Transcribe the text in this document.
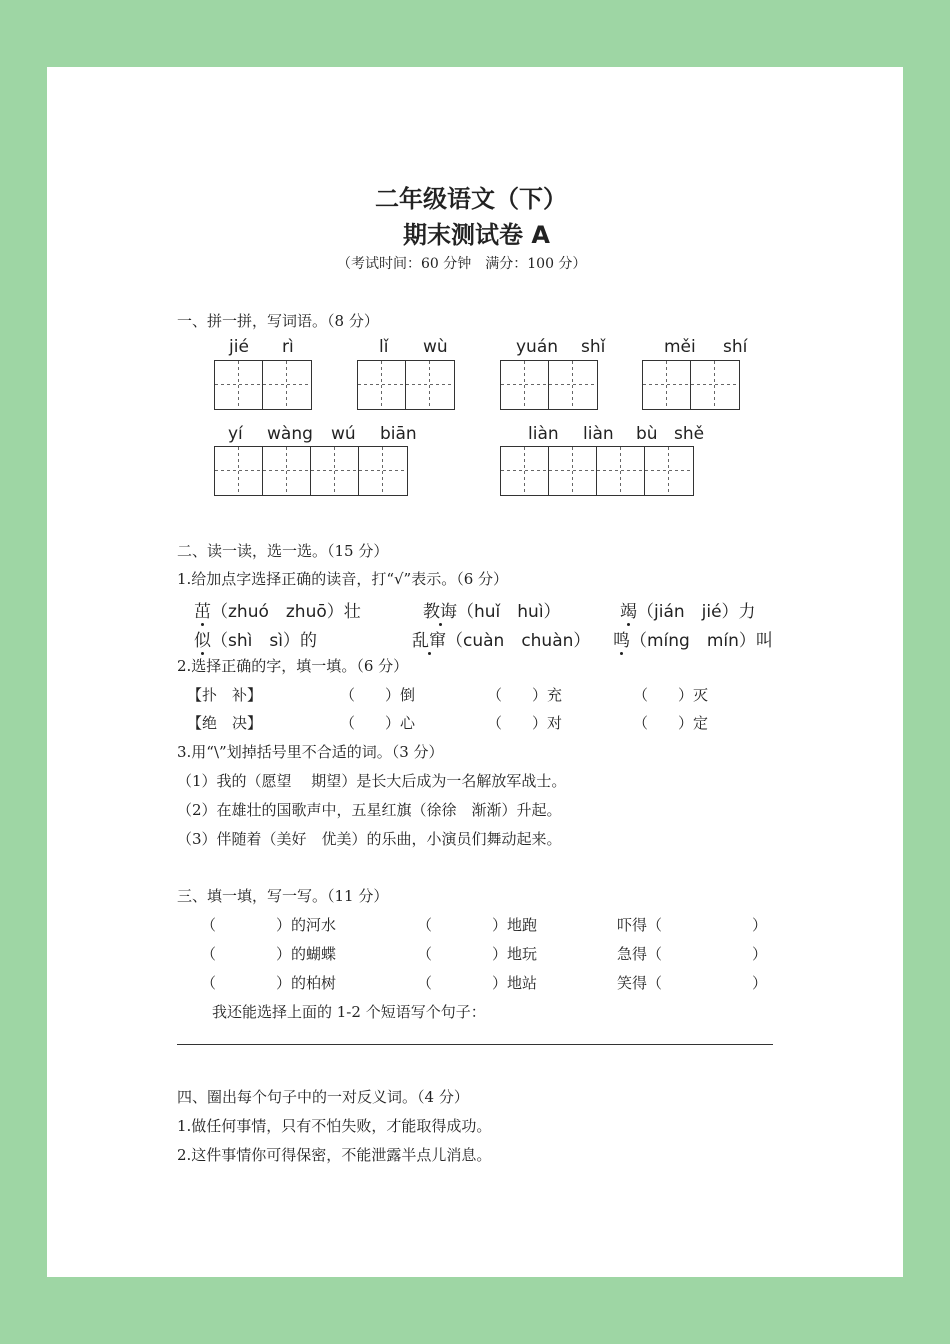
二年级语文（下）
期末测试卷 A
（考试时间：60 分钟　满分：100 分）
一、拼一拼，写词语。（8 分）
jié rì	lǐ wù	yuán shǐ	měi shí
yí wàng wú biān	liàn liàn bù shě
二、读一读，选一选。（15 分）
1.给加点字选择正确的读音，打“√”表示。（6 分）
茁（zhuó　zhuō）壮	教诲（huǐ　huì）	竭（jián　jié）力
似（shì　sì）的	乱窜（cuàn　chuàn） 鸣（míng　mín）叫
2.选择正确的字，填一填。（6 分）
【扑　补】	（　　）倒	（　　）充	（　　）灭
【绝　决】	（　　）心	（　　）对	（　　）定
3.用“\”划掉括号里不合适的词。（3 分）
（1）我的（愿望　 期望）是长大后成为一名解放军战士。
（2）在雄壮的国歌声中，五星红旗（徐徐　渐渐）升起。
（3）伴随着（美好　优美）的乐曲，小演员们舞动起来。
三、填一填，写一写。（11 分）
（　　　　）的河水	（　　　　）地跑	吓得（　　　　　　）
（　　　　）的蝴蝶	（　　　　）地玩	急得（　　　　　　）
（　　　　）的柏树	（　　　　）地站	笑得（　　　　　　）
我还能选择上面的 1-2 个短语写个句子：
四、圈出每个句子中的一对反义词。（4 分）
1.做任何事情，只有不怕失败，才能取得成功。
2.这件事情你可得保密，不能泄露半点儿消息。
